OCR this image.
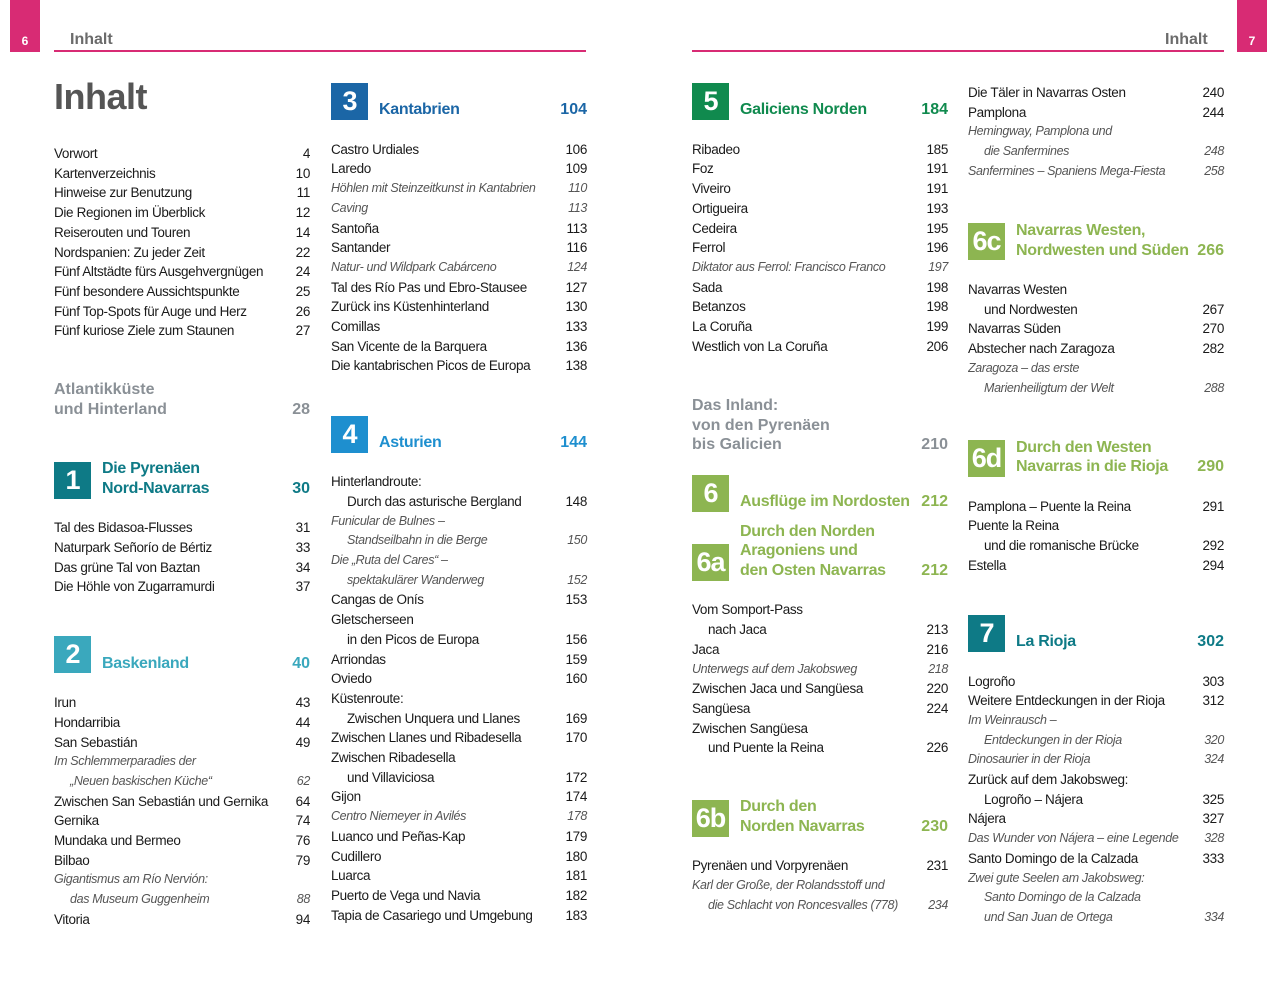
6	Inhalt	7
Inhalt
Inhalt
Vorwort	4
Kartenverzeichnis	10
Hinweise zur Benutzung	11
Die Regionen im Überblick	12
Reiserouten und Touren	14
Nordspanien: Zu jeder Zeit	22
Fünf Altstädte fürs Ausgehvergnügen	24
Fünf besondere Aussichtspunkte	25
Fünf Top-Spots für Auge und Herz	26
Fünf kuriose Ziele zum Staunen	27
Atlantikküste
und Hinterland	28
1	Die Pyrenäen
Nord-Navarras	30
Tal des Bidasoa-Flusses	31
Naturpark Señorío de Bértiz	33
Das grüne Tal von Baztan	34
Die Höhle von Zugarramurdi	37
2	Baskenland	40
Irun	43
Hondarribia	44
San Sebastián	49
Im Schlemmerparadies der
„Neuen baskischen Küche“	62
Zwischen San Sebastián und Gernika	64
Gernika	74
Mundaka und Bermeo	76
Bilbao	79
Gigantismus am Río Nervión:
das Museum Guggenheim	88
Vitoria	94
3	Kantabrien	104
Castro Urdiales	106
Laredo	109
Höhlen mit Steinzeitkunst in Kantabrien	110
Caving	113
Santoña	113
Santander	116
Natur- und Wildpark Cabárceno	124
Tal des Río Pas und Ebro-Stausee	127
Zurück ins Küstenhinterland	130
Comillas	133
San Vicente de la Barquera	136
Die kantabrischen Picos de Europa	138
4	Asturien	144
Hinterlandroute:
Durch das asturische Bergland	148
Funicular de Bulnes –
Standseilbahn in die Berge	150
Die „Ruta del Cares“ –
spektakulärer Wanderweg	152
Cangas de Onís	153
Gletscherseen
in den Picos de Europa	156
Arriondas	159
Oviedo	160
Küstenroute:
Zwischen Unquera und Llanes	169
Zwischen Llanes und Ribadesella	170
Zwischen Ribadesella
und Villaviciosa	172
Gijon	174
Centro Niemeyer in Avilés	178
Luanco und Peñas-Kap	179
Cudillero	180
Luarca	181
Puerto de Vega und Navia	182
Tapia de Casariego und Umgebung	183
5	Galiciens Norden	184
Ribadeo	185
Foz	191
Viveiro	191
Ortigueira	193
Cedeira	195
Ferrol	196
Diktator aus Ferrol: Francisco Franco	197
Sada	198
Betanzos	198
La Coruña	199
Westlich von La Coruña	206
Das Inland:
von den Pyrenäen
bis Galicien	210
6	Ausflüge im Nordosten 212
6a
Durch den Norden
Aragoniens und
den Osten Navarras	212
Vom Somport-Pass
nach Jaca	213
Jaca	216
Unterwegs auf dem Jakobsweg	218
Zwischen Jaca und Sangüesa	220
Sangüesa	224
Zwischen Sangüesa
und Puente la Reina	226
6b Durch den
Norden Navarras	230
Pyrenäen und Vorpyrenäen	231
Karl der Große, der Rolandsstoff und
die Schlacht von Roncesvalles (778)	234
Die Täler in Navarras Osten	240
Pamplona	244
Hemingway, Pamplona und
die Sanfermines	248
Sanfermines – Spaniens Mega-Fiesta	258
6c Navarras Westen,
Nordwesten und Süden 266
Navarras Westen
und Nordwesten	267
Navarras Süden	270
Abstecher nach Zaragoza	282
Zaragoza – das erste
Marienheiligtum der Welt	288
6d Durch den Westen
Navarras in die Rioja	290
Pamplona – Puente la Reina	291
Puente la Reina
und die romanische Brücke	292
Estella	294
7	La Rioja	302
Logroño	303
Weitere Entdeckungen in der Rioja	312
Im Weinrausch –
Entdeckungen in der Rioja	320
Dinosaurier in der Rioja	324
Zurück auf dem Jakobsweg:
Logroño – Nájera	325
Nájera	327
Das Wunder von Nájera – eine Legende	328
Santo Domingo de la Calzada	333
Zwei gute Seelen am Jakobsweg:
Santo Domingo de la Calzada
und San Juan de Ortega	334
